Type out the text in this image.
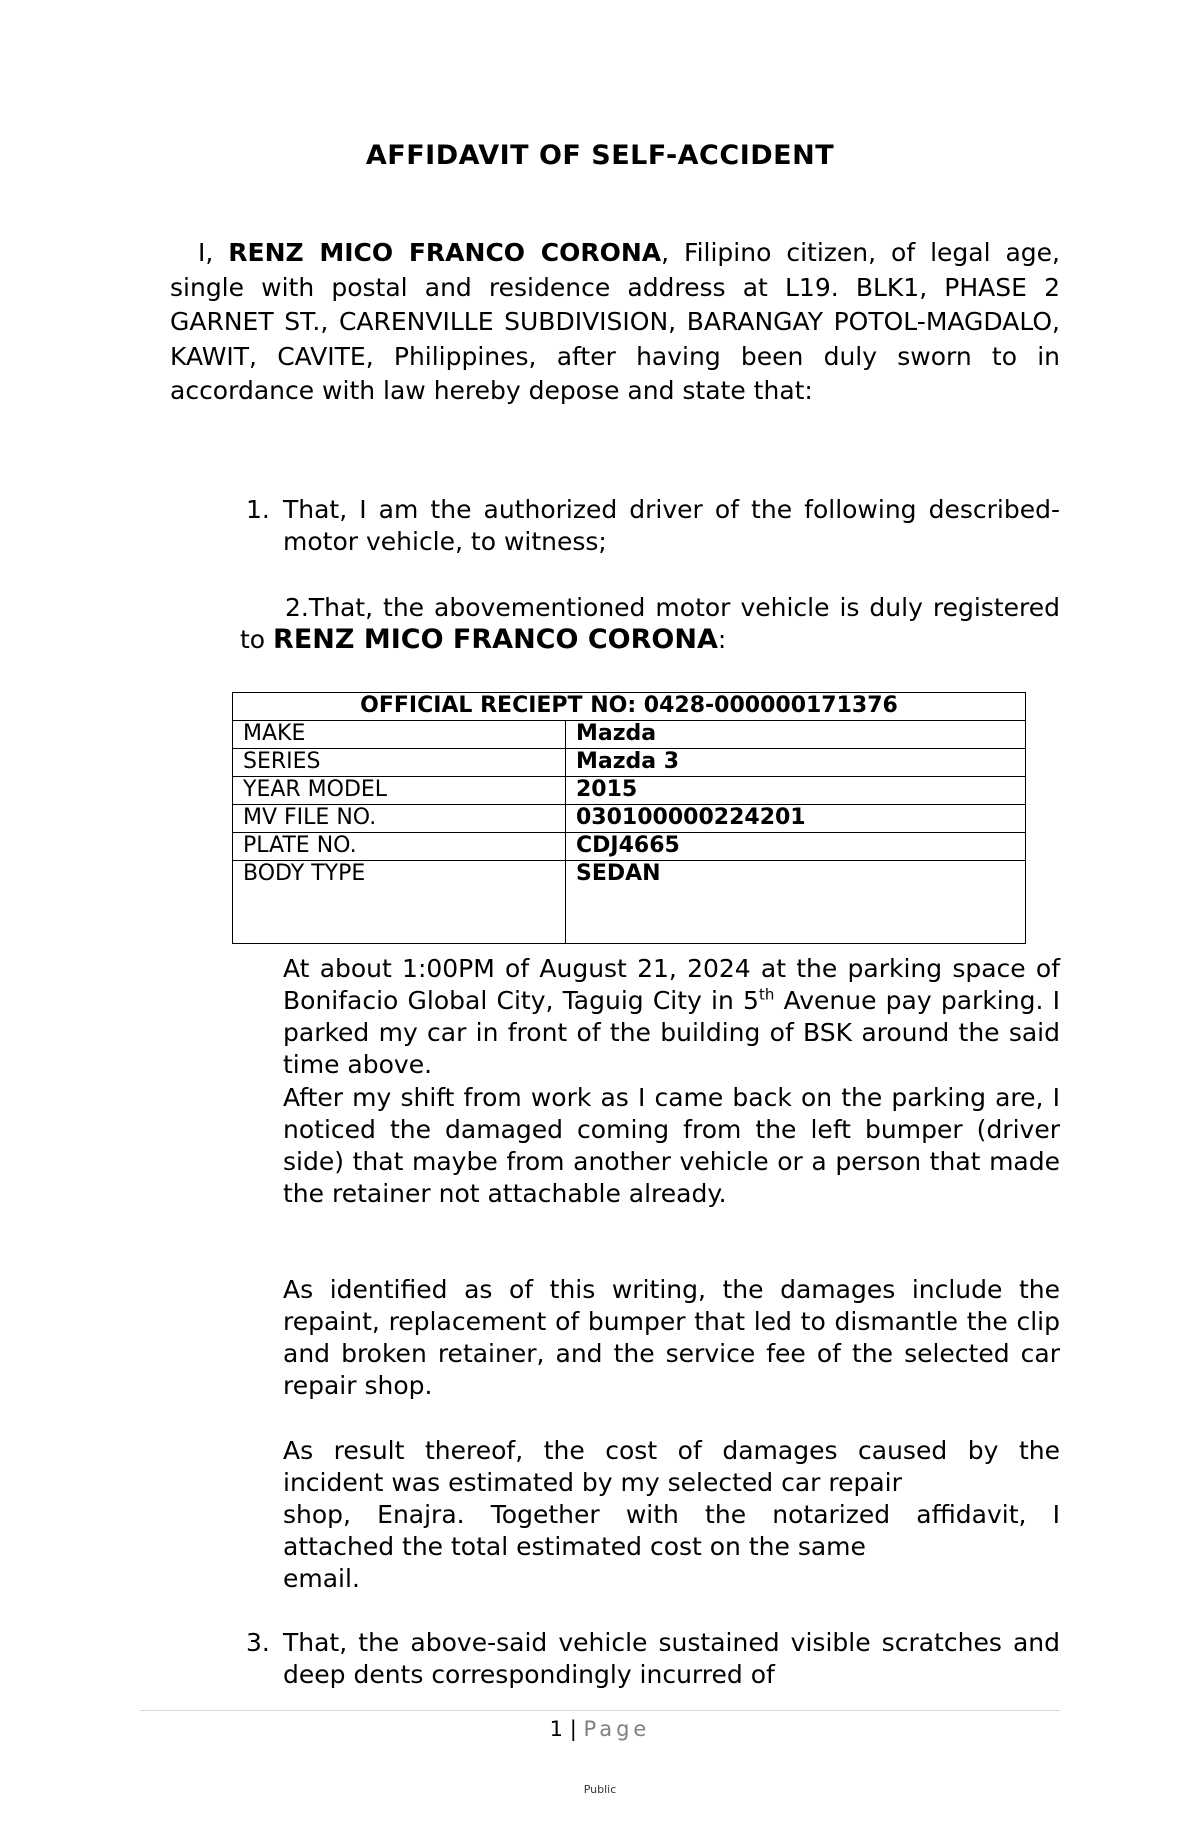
AFFIDAVIT OF SELF-ACCIDENT
I, RENZ MICO FRANCO CORONA, Filipino citizen, of legal age, single with postal and residence address at L19. BLK1, PHASE 2 GARNET ST., CARENVILLE SUBDIVISION, BARANGAY POTOL-MAGDALO, KAWIT, CAVITE, Philippines, after having been duly sworn to in accordance with law hereby depose and state that:
1. That, I am the authorized driver of the following described-motor vehicle, to witness;
2.That, the abovementioned motor vehicle is duly registered to RENZ MICO FRANCO CORONA:
OFFICIAL RECIEPT NO: 0428-000000171376	
MAKE	Mazda
SERIES	Mazda 3
YEAR MODEL	2015
MV FILE NO.	030100000224201
PLATE NO.	CDJ4665
BODY TYPE	SEDAN
At about 1:00PM of August 21, 2024 at the parking space of Bonifacio Global City, Taguig City in 5th Avenue pay parking. I parked my car in front of the building of BSK around the said time above.
After my shift from work as I came back on the parking are, I noticed the damaged coming from the left bumper (driver side) that maybe from another vehicle or a person that made the retainer not attachable already.
As identified as of this writing, the damages include the repaint, replacement of bumper that led to dismantle the clip and broken retainer, and the service fee of the selected car repair shop.
As result thereof, the cost of damages caused by the
incident was estimated by my selected car repair
shop, Enajra. Together with the notarized affidavit, I
attached the total estimated cost on the same
email.
3. That, the above-said vehicle sustained visible scratches and deep dents correspondingly incurred of
1 | Page
Public
